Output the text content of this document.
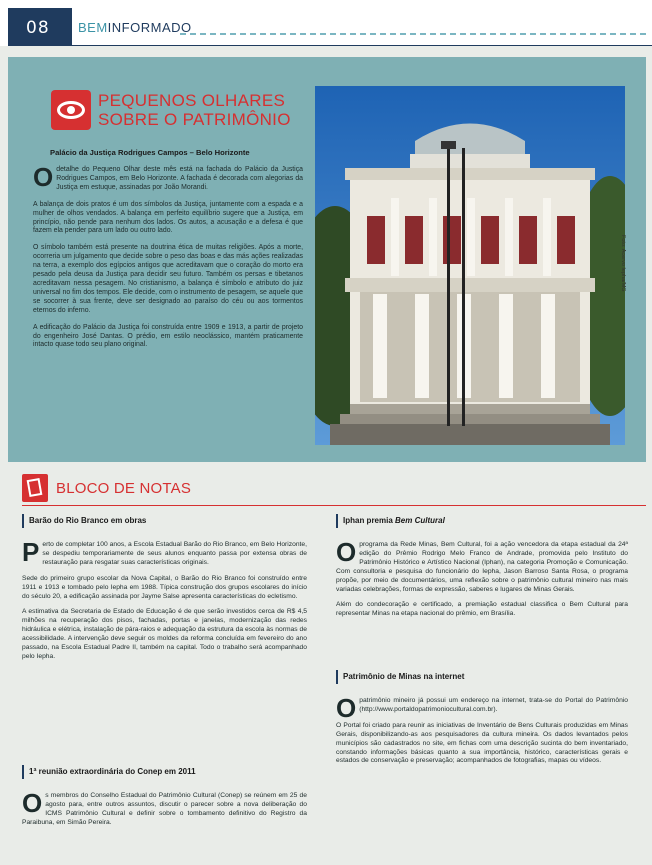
08	BEMINFORMADO
PEQUENOS OLHARES
SOBRE O PATRIMÔNIO
Palácio da Justiça Rodrigues Campos – Belo Horizonte

Odetalhe do Pequeno Olhar deste mês está na fachada do Palácio da Justiça Rodrigues Campos, em Belo Horizonte. A fachada é decorada com alegorias da Justiça em estuque, assinadas por João Morandi.

A balança de dois pratos é um dos símbolos da Justiça, juntamente com a espada e a mulher de olhos vendados. A balança em perfeito equilíbrio sugere que a Justiça, em princípio, não pende para nenhum dos lados. Os autos, a acusação e a defesa é que fazem ela pender para um lado ou outro lado.

O símbolo também está presente na doutrina ética de muitas religiões. Após a morte, ocorreria um julgamento que decide sobre o peso das boas e das más ações realizadas na terra, a exemplo dos egípcios antigos que acreditavam que o coração do morto era pesado pela deusa da Justiça para decidir seu futuro. Também os persas e tibetanos acreditavam nessa pesagem. No cristianismo, a balança é símbolo e atributo do juiz universal no fim dos tempos. Ele decide, com o instrumento de pesagem, se aquele que se socorrer à sua frente, deve ser designado ao paraíso do céu ou aos tormentos eternos do inferno.

A edificação do Palácio da Justiça foi construída entre 1909 e 1913, a partir de projeto do engenheiro José Dantas. O prédio, em estilo neoclássico, mantém praticamente intacto quase todo seu plano original.

Foto: Acervo Iepha/MG
BLOCO DE NOTAS
Barão do Rio Branco em obras

Perto de completar 100 anos, a Escola Estadual Barão do Rio Branco, em Belo Horizonte, se despediu temporariamente de seus alunos enquanto passa por extensa obras de restauração para resgatar suas características originais.

Sede do primeiro grupo escolar da Nova Capital, o Barão do Rio Branco foi construído entre 1911 e 1913 e tombado pelo Iepha em 1988. Típica construção dos grupos escolares do início do século 20, a edificação assinada por Jayme Salse apresenta características do ecletismo.

A estimativa da Secretaria de Estado de Educação é de que serão investidos cerca de R$ 4,5 milhões na recuperação dos pisos, fachadas, portas e janelas, modernização das redes hidráulica e elétrica, instalação de pára-raios e adequação da estrutura da escola às normas de acessibilidade. A intervenção deve seguir os moldes da reforma concluída em fevereiro do ano passado, na Escola Estadual Padre II, também na capital. Todo o trabalho será acompanhado pelo Iepha.

1ª reunião extraordinária do Conep em 2011

Os membros do Conselho Estadual do Patrimônio Cultural (Conep) se reúnem em 25 de agosto para, entre outros assuntos, discutir o parecer sobre a nova deliberação do ICMS Patrimônio Cultural e definir sobre o tombamento definitivo do Registro da Paraibuna, em Simão Pereira.

Iphan premia Bem Cultural

Oprograma da Rede Minas, Bem Cultural, foi a ação vencedora da etapa estadual da 24ª edição do Prêmio Rodrigo Melo Franco de Andrade, promovida pelo Instituto do Patrimônio Histórico e Artístico Nacional (Iphan), na categoria Promoção e Comunicação. Com consultoria e pesquisa do funcionário do Iepha, Jason Barroso Santa Rosa, o programa propõe, por meio de documentários, uma reflexão sobre o patrimônio cultural mineiro nas mais variadas celebrações, formas de expressão, saberes e lugares de Minas Gerais.

Além do condecoração e certificado, a premiação estadual classifica o Bem Cultural para representar Minas na etapa nacional do prêmio, em Brasília.

Patrimônio de Minas na internet

Opatrimônio mineiro já possui um endereço na internet, trata-se do Portal do Patrimônio (http://www.portaldopatrimoniocultural.com.br).

O Portal foi criado para reunir as iniciativas de Inventário de Bens Culturais produzidas em Minas Gerais, disponibilizando-as aos pesquisadores da cultura mineira. Os dados levantados pelos municípios são cadastrados no site, em fichas com uma descrição sucinta do bem inventariado, constando informações básicas quanto a sua importância, histórico, características gerais e estados de conservação e preservação; acompanhados de fotografias, mapas ou vídeos.
